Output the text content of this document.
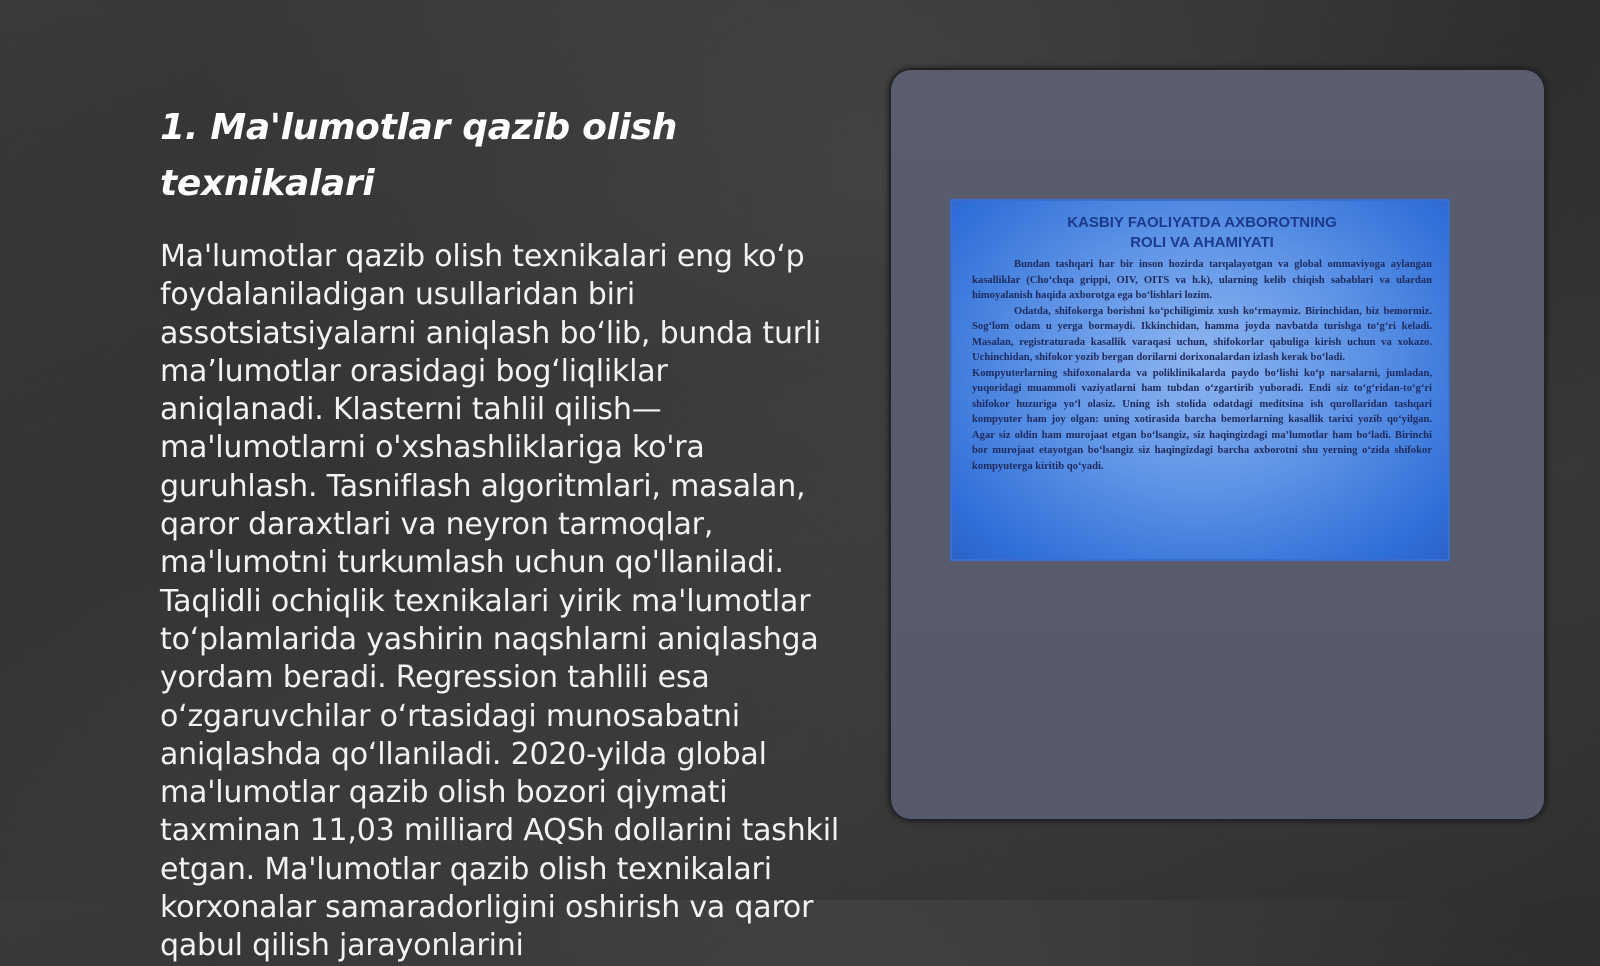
1. Ma'lumotlar qazib olish texnikalari

Ma'lumotlar qazib olish texnikalari eng ko‘p foydalaniladigan usullaridan biri assotsiatsiyalarni aniqlash bo‘lib, bunda turli ma’lumotlar orasidagi bog‘liqliklar aniqlanadi. Klasterni tahlil qilish—ma'lumotlarni o'xshashliklariga ko'ra guruhlash. Tasniflash algoritmlari, masalan, qaror daraxtlari va neyron tarmoqlar, ma'lumotni turkumlash uchun qo'llaniladi. Taqlidli ochiqlik texnikalari yirik ma'lumotlar to‘plamlarida yashirin naqshlarni aniqlashga yordam beradi. Regression tahlili esa o‘zgaruvchilar o‘rtasidagi munosabatni aniqlashda qo‘llaniladi. 2020-yilda global ma'lumotlar qazib olish bozori qiymati taxminan 11,03 milliard AQSh dollarini tashkil etgan. Ma'lumotlar qazib olish texnikalari korxonalar samaradorligini oshirish va qaror qabul qilish jarayonlarini

KASBIY FAOLIYATDA AXBOROTNING
ROLI VA AHAMIYATI

Bundan tashqari har bir inson hozirda tarqalayotgan va global ommaviyoga aylangan kasalliklar (Cho‘chqa grippi, OIV, OITS va h.k), ularning kelib chiqish sabablari va ulardan himoyalanish haqida axborotga ega bo‘lishlari lozim.

Odatda, shifokorga borishni ko‘pchiligimiz xush ko‘rmaymiz. Birinchidan, biz bemormiz. Sog‘lom odam u yerga bormaydi. Ikkinchidan, hamma joyda navbatda turishga to‘g‘ri keladi. Masalan, registraturada kasallik varaqasi uchun, shifokorlar qabuliga kirish uchun va xokazo. Uchinchidan, shifokor yozib bergan dorilarni dorixonalardan izlash kerak bo‘ladi.

Kompyuterlarning shifoxonalarda va poliklinikalarda paydo bo‘lishi ko‘p narsalarni, jumladan, yuqoridagi muammoli vaziyatlarni ham tubdan o‘zgartirib yuboradi. Endi siz to‘g‘ridan-to‘g‘ri shifokor huzuriga yo‘l olasiz. Uning ish stolida odatdagi meditsina ish qurollaridan tashqari kompyuter ham joy olgan: uning xotirasida barcha bemorlarning kasallik tarixi yozib qo‘yilgan. Agar siz oldin ham murojaat etgan bo‘lsangiz, siz haqingizdagi ma’lumotlar ham bo‘ladi. Birinchi bor murojaat etayotgan bo‘lsangiz siz haqingizdagi barcha axborotni shu yerning o‘zida shifokor kompyuterga kiritib qo‘yadi.
